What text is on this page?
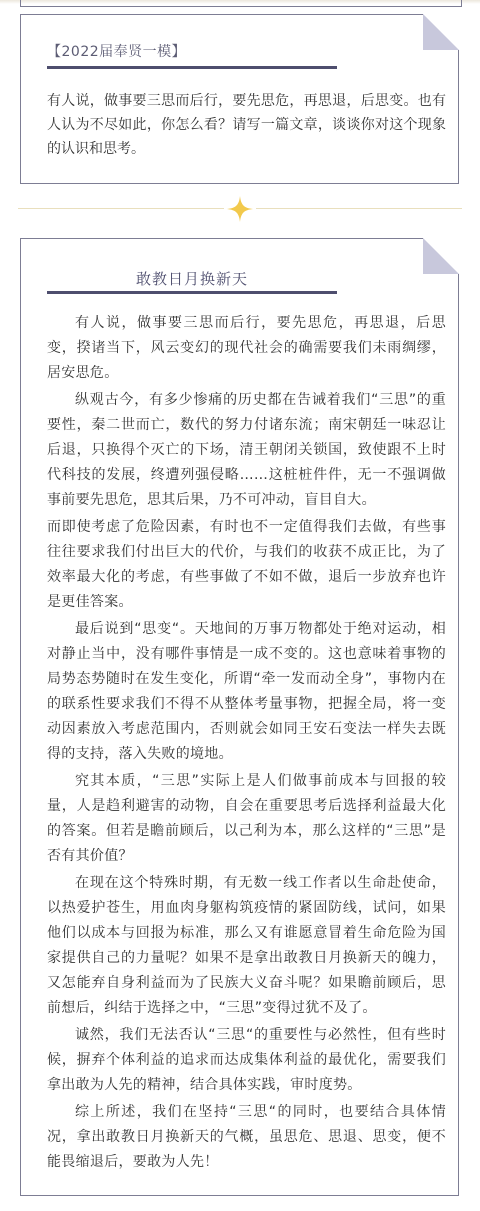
【2022届奉贤一模】
有人说，做事要三思而后行，要先思危，再思退，后思变。也有人认为不尽如此，你怎么看？请写一篇文章，谈谈你对这个现象的认识和思考。
敢教日月换新天

有人说，做事要三思而后行，要先思危，再思退，后思变，揆诸当下，风云变幻的现代社会的确需要我们未雨绸缪，居安思危。

纵观古今，有多少惨痛的历史都在告诫着我们“三思”的重要性，秦二世而亡，数代的努力付诸东流；南宋朝廷一味忍让后退，只换得个灭亡的下场，清王朝闭关锁国，致使跟不上时代科技的发展，终遭列强侵略……这桩桩件件，无一不强调做事前要先思危，思其后果，乃不可冲动，盲目自大。

而即使考虑了危险因素，有时也不一定值得我们去做，有些事往往要求我们付出巨大的代价，与我们的收获不成正比，为了效率最大化的考虑，有些事做了不如不做，退后一步放弃也许是更佳答案。

最后说到“思变“。天地间的万事万物都处于绝对运动，相对静止当中，没有哪件事情是一成不变的。这也意味着事物的局势态势随时在发生变化，所谓“牵一发而动全身”，事物内在的联系性要求我们不得不从整体考量事物，把握全局，将一变动因素放入考虑范围内，否则就会如同王安石变法一样失去既得的支持，落入失败的境地。

究其本质，“三思”实际上是人们做事前成本与回报的较量，人是趋利避害的动物，自会在重要思考后选择利益最大化的答案。但若是瞻前顾后，以己利为本，那么这样的“三思”是否有其价值？

在现在这个特殊时期，有无数一线工作者以生命赴使命，以热爱护苍生，用血肉身躯构筑疫情的紧固防线，试问，如果他们以成本与回报为标准，那么又有谁愿意冒着生命危险为国家提供自己的力量呢？如果不是拿出敢教日月换新天的魄力，又怎能弃自身利益而为了民族大义奋斗呢？如果瞻前顾后，思前想后，纠结于选择之中，“三思”变得过犹不及了。

诚然，我们无法否认“三思“的重要性与必然性，但有些时候，摒弃个体利益的追求而达成集体利益的最优化，需要我们拿出敢为人先的精神，结合具体实践，审时度势。

综上所述，我们在坚持“三思“的同时，也要结合具体情况，拿出敢教日月换新天的气概，虽思危、思退、思变，便不能畏缩退后，要敢为人先！
